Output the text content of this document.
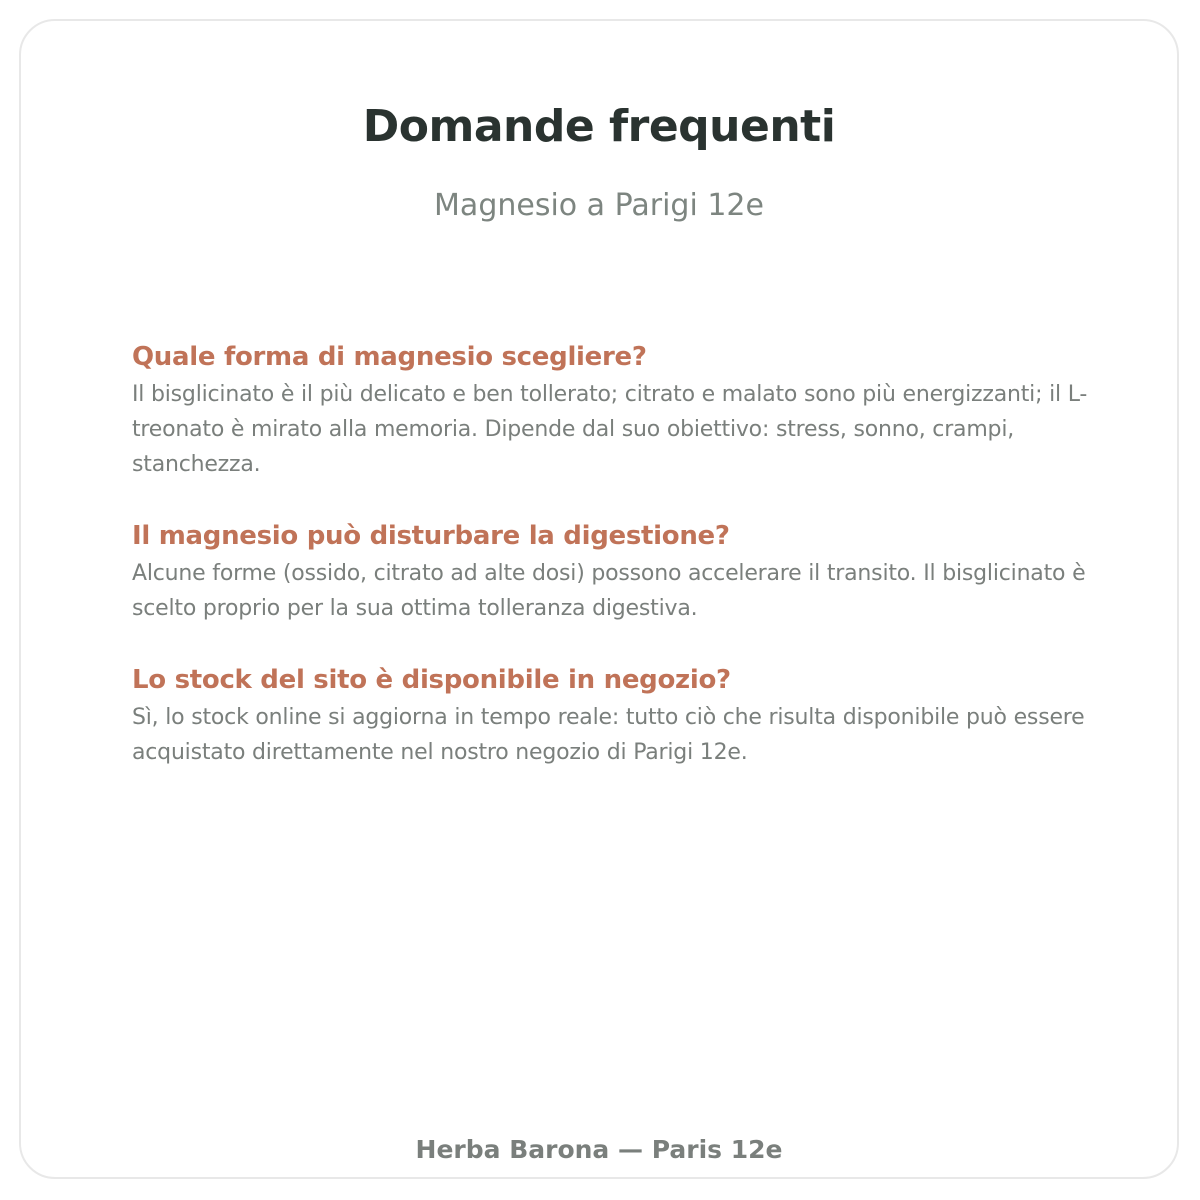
Domande frequenti

Magnesio a Parigi 12e

Quale forma di magnesio scegliere?

Il bisglicinato è il più delicato e ben tollerato; citrato e malato sono più energizzanti; il L-treonato è mirato alla memoria. Dipende dal suo obiettivo: stress, sonno, crampi, stanchezza.

Il magnesio può disturbare la digestione?

Alcune forme (ossido, citrato ad alte dosi) possono accelerare il transito. Il bisglicinato è scelto proprio per la sua ottima tolleranza digestiva.

Lo stock del sito è disponibile in negozio?

Sì, lo stock online si aggiorna in tempo reale: tutto ciò che risulta disponibile può essere acquistato direttamente nel nostro negozio di Parigi 12e.

Herba Barona — Paris 12e
